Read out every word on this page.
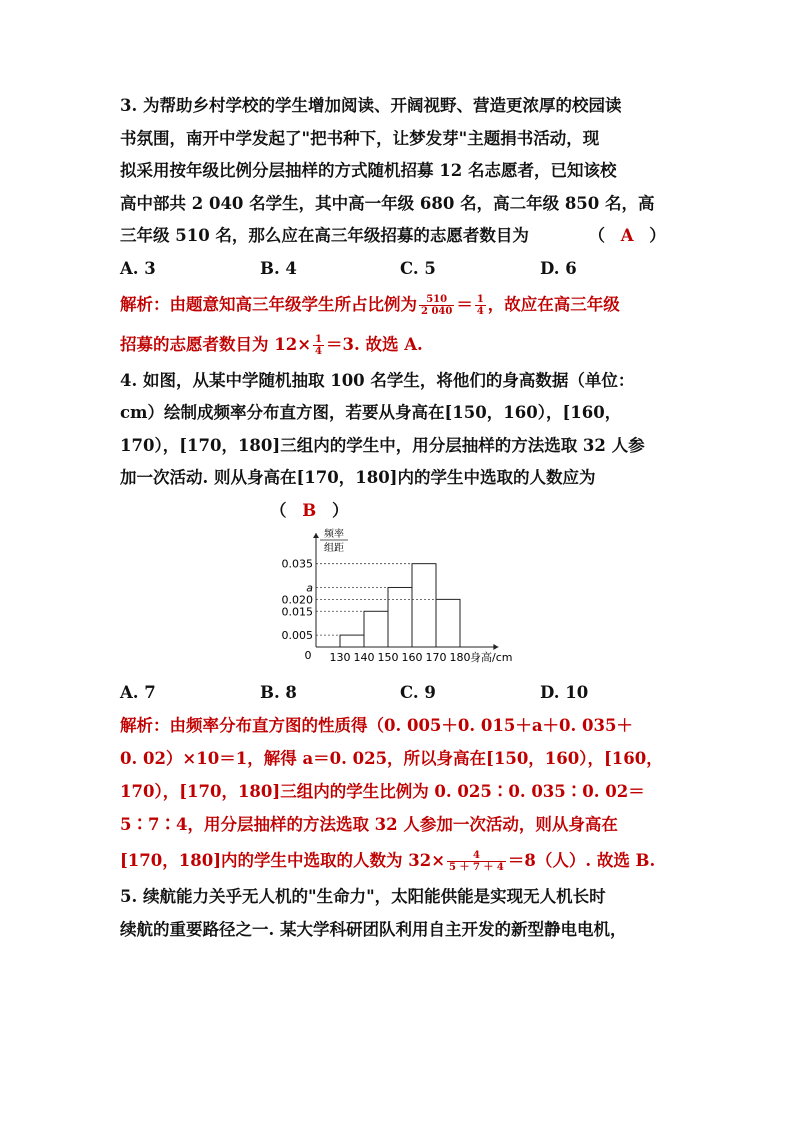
3. 为帮助乡村学校的学生增加阅读、开阔视野、营造更浓厚的校园读
书氛围，南开中学发起了"把书种下，让梦发芽"主题捐书活动，现
拟采用按年级比例分层抽样的方式随机招募 12 名志愿者，已知该校
高中部共 2 040 名学生，其中高一年级 680 名，高二年级 850 名，高
三年级 510 名，那么应在高三年级招募的志愿者数目为	（ A ）
A. 3	B. 4	C. 5	D. 6
解析：由题意知高三年级学生所占比例为 $\frac{510}{2 040} = \frac{1}{4}$ ，故应在高三年级
招募的志愿者数目为 $12\times \frac{1}{4} =3$. 故选 A.
4. 如图，从某中学随机抽取 100 名学生，将他们的身高数据（单位：
cm）绘制成频率分布直方图，若要从身高在[150，160），[160，
170），[170，180]三组内的学生中，用分层抽样的方法选取 32 人参
加一次活动. 则从身高在[170，180]内的学生中选取的人数应为
（ B ）
0.035
a
0.020
0.015
0.005
0 130 140 150 160 170 180 身高/cm
频率
组距
A. 7	B. 8	C. 9	D. 10
解析：由频率分布直方图的性质得（0. 005＋0. 015＋a＋0. 035＋
0. 02）×10＝1，解得 a＝0. 025，所以身高在[150，160），[160，
170），[170，180]三组内的学生比例为 0. 025∶0. 035∶0. 02＝
5∶7∶4，用分层抽样的方法选取 32 人参加一次活动，则从身高在
[170，180]内的学生中选取的人数为 $32\times \frac{4}{5 + 7 + 4} =8$（人）. 故选 B.
5. 续航能力关乎无人机的"生命力"，太阳能供能是实现无人机长时
续航的重要路径之一. 某大学科研团队利用自主开发的新型静电电机，
